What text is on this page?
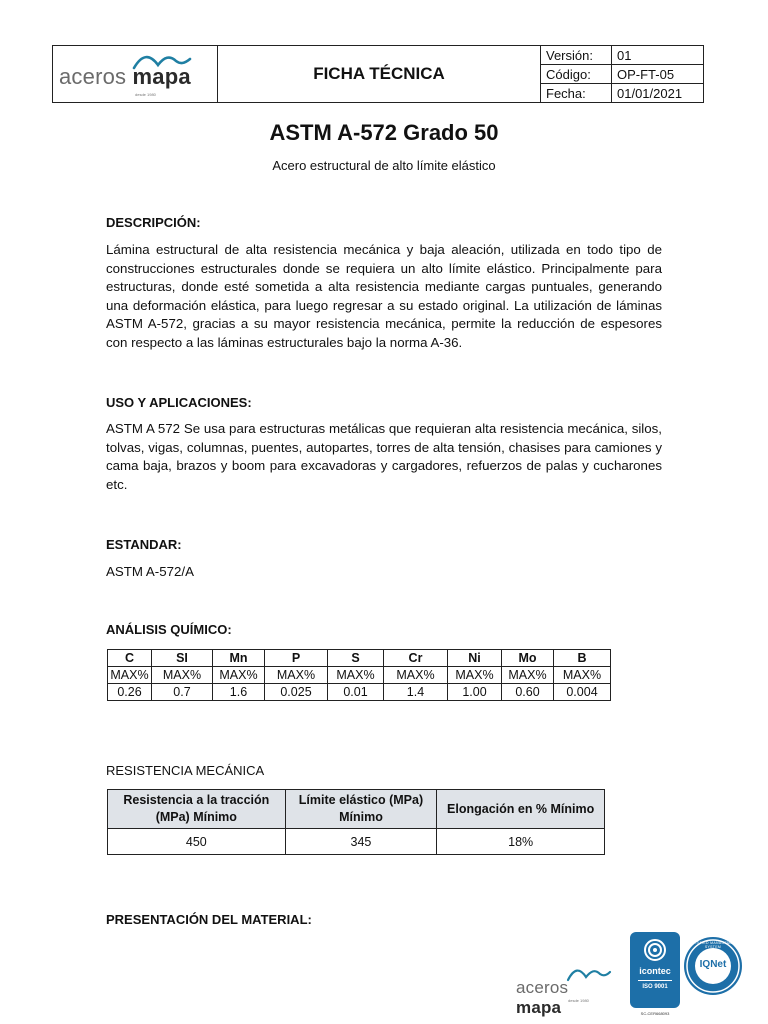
aceros mapa
desde 1980
	FICHA TÉCNICA	
Versión:	01
Código:	OP-FT-05
Fecha:	01/01/2021
ASTM A-572 Grado 50
Acero estructural de alto límite elástico
DESCRIPCIÓN:

Lámina estructural de alta resistencia mecánica y baja aleación, utilizada en todo tipo de construcciones estructurales donde se requiera un alto límite elástico. Principalmente para estructuras, donde esté sometida a alta resistencia mediante cargas puntuales, generando una deformación elástica, para luego regresar a su estado original. La utilización de láminas ASTM A-572, gracias a su mayor resistencia mecánica, permite la reducción de espesores con respecto a las láminas estructurales bajo la norma A-36.

USO Y APLICACIONES:

ASTM A 572 Se usa para estructuras metálicas que requieran alta resistencia mecánica, silos, tolvas, vigas, columnas, puentes, autopartes, torres de alta tensión, chasises para camiones y cama baja, brazos y boom para excavadoras y cargadores, refuerzos de palas y cucharones etc.

ESTANDAR:
ASTM A-572/A
ANÁLISIS QUÍMICO:
C	SI	Mn	P	S	Cr	Ni	Mo	B
MAX%	MAX%	MAX%	MAX%	MAX%	MAX%	MAX%	MAX%	MAX%
0.26	0.7	1.6	0.025	0.01	1.4	1.00	0.60	0.004
RESISTENCIA MECÁNICA
Resistencia a la tracción (MPa) Mínimo	Límite elástico (MPa) Mínimo	Elongación en % Mínimo
450	345	18%
PRESENTACIÓN DEL MATERIAL:
aceros mapa	desde 1980
icontec
ISO 9001
SC-CER668093
IQNet
CERTIFIED MANAGEMENT SYSTEM
